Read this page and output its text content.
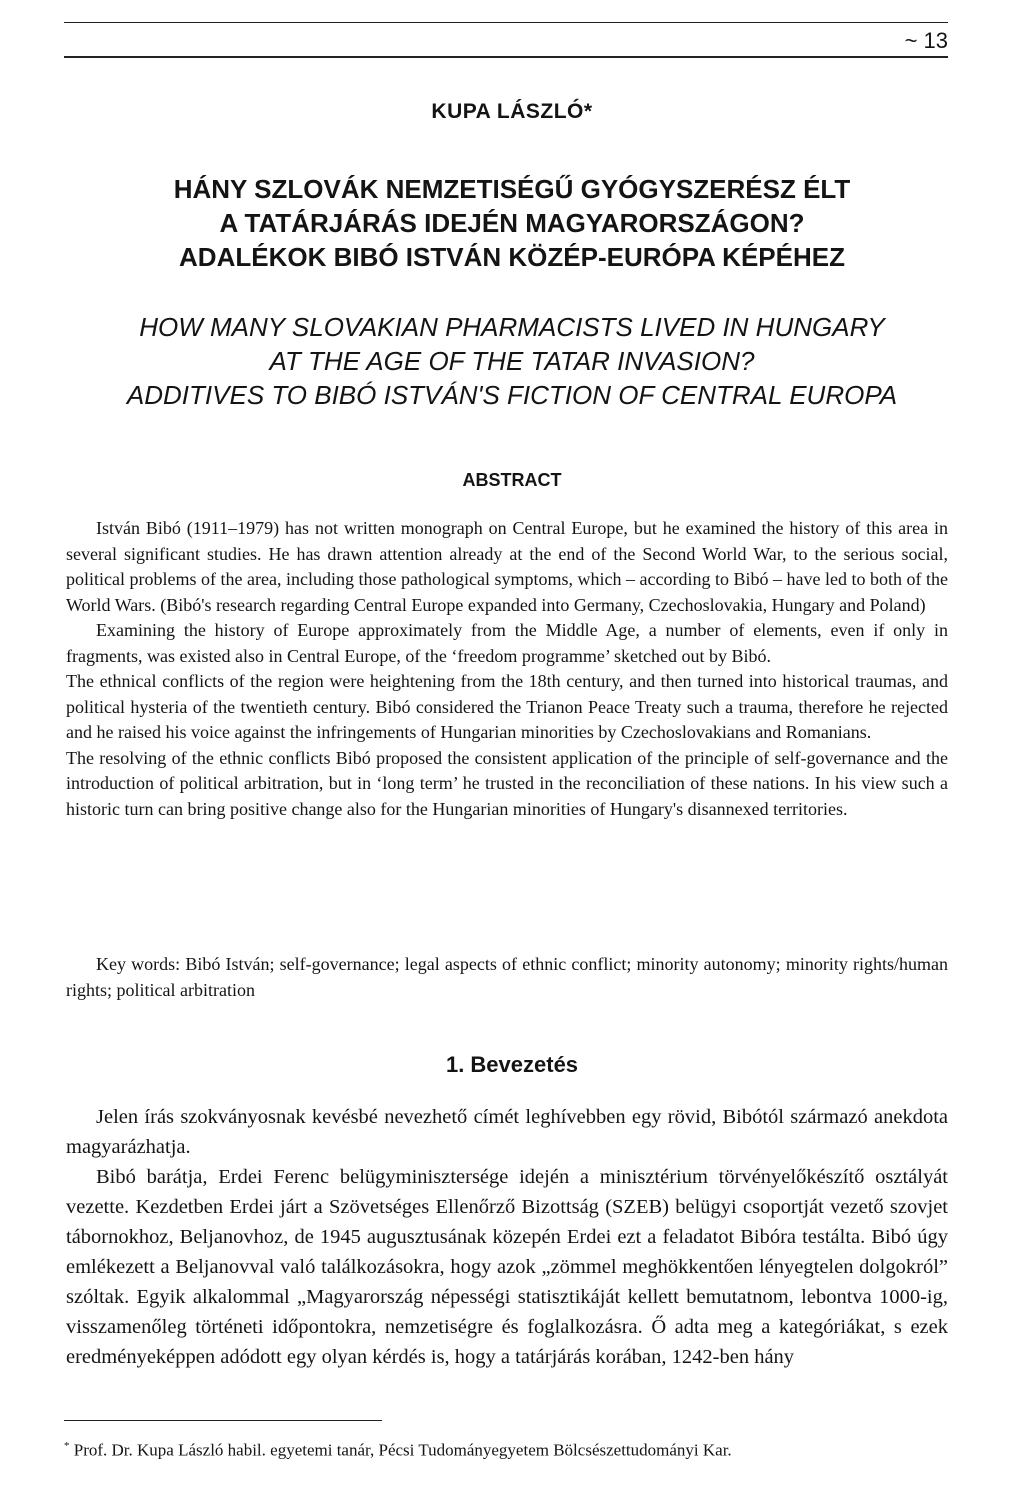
~ 13
KUPA LÁSZLÓ*
HÁNY SZLOVÁK NEMZETISÉGŰ GYÓGYSZERÉSZ ÉLT
A TATÁRJÁRÁS IDEJÉN MAGYARORSZÁGON?
ADALÉKOK BIBÓ ISTVÁN KÖZÉP-EURÓPA KÉPÉHEZ
HOW MANY SLOVAKIAN PHARMACISTS LIVED IN HUNGARY
AT THE AGE OF THE TATAR INVASION?
ADDITIVES TO BIBÓ ISTVÁN'S FICTION OF CENTRAL EUROPA
ABSTRACT

István Bibó (1911–1979) has not written monograph on Central Europe, but he examined the history of this area in several significant studies. He has drawn attention already at the end of the Second World War, to the serious social, political problems of the area, including those pathological symptoms, which – according to Bibó – have led to both of the World Wars. (Bibó's research regarding Central Europe expanded into Germany, Czechoslovakia, Hungary and Poland)

Examining the history of Europe approximately from the Middle Age, a number of elements, even if only in fragments, was existed also in Central Europe, of the ‘freedom programme’ sketched out by Bibó.

The ethnical conflicts of the region were heightening from the 18th century, and then turned into historical traumas, and political hysteria of the twentieth century. Bibó considered the Trianon Peace Treaty such a trauma, therefore he rejected and he raised his voice against the infringements of Hungarian minorities by Czechoslovakians and Romanians.

The resolving of the ethnic conflicts Bibó proposed the consistent application of the principle of self-governance and the introduction of political arbitration, but in ‘long term’ he trusted in the reconciliation of these nations. In his view such a historic turn can bring positive change also for the Hungarian minorities of Hungary's disannexed territories.

Key words: Bibó István; self-governance; legal aspects of ethnic conflict; minority autonomy; minority rights/human rights; political arbitration
1. Bevezetés

Jelen írás szokványosnak kevésbé nevezhető címét leghívebben egy rövid, Bibótól származó anekdota magyarázhatja.

Bibó barátja, Erdei Ferenc belügyminisztersége idején a minisztérium törvényelőkészítő osztályát vezette. Kezdetben Erdei járt a Szövetséges Ellenőrző Bizottság (SZEB) belügyi csoportját vezető szovjet tábornokhoz, Beljanovhoz, de 1945 augusztusának közepén Erdei ezt a feladatot Bibóra testálta. Bibó úgy emlékezett a Beljanovval való találkozásokra, hogy azok „zömmel meghökkentően lényegtelen dolgokról” szóltak. Egyik alkalommal „Magyarország népességi statisztikáját kellett bemutatnom, lebontva 1000-ig, visszamenőleg történeti időpontokra, nemzetiségre és foglalkozásra. Ő adta meg a kategóriákat, s ezek eredményeképpen adódott egy olyan kérdés is, hogy a tatárjárás korában, 1242-ben hány

* Prof. Dr. Kupa László habil. egyetemi tanár, Pécsi Tudományegyetem Bölcsészettudományi Kar.
